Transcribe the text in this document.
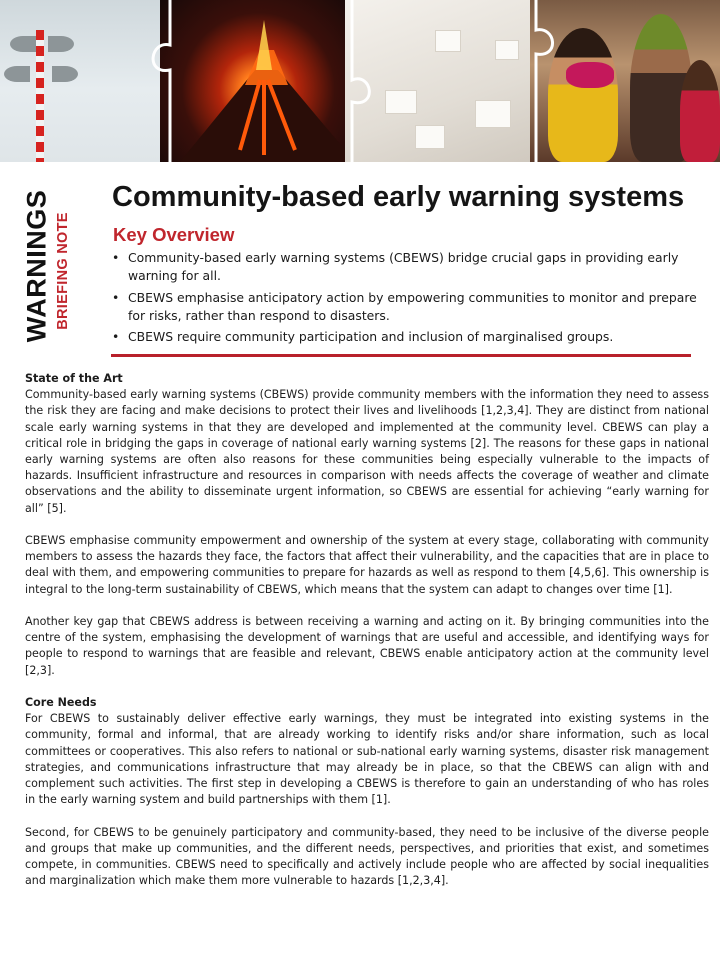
WARNINGS BRIEFING NOTE
Community-based early warning systems
Key Overview
• Community-based early warning systems (CBEWS) bridge crucial gaps in providing early warning for all.
• CBEWS emphasise anticipatory action by empowering communities to monitor and prepare for risks, rather than respond to disasters.
• CBEWS require community participation and inclusion of marginalised groups.
State of the Art

Community-based early warning systems (CBEWS) provide community members with the information they need to assess the risk they are facing and make decisions to protect their lives and livelihoods [1,2,3,4]. They are distinct from national scale early warning systems in that they are developed and implemented at the community level. CBEWS can play a critical role in bridging the gaps in coverage of national early warning systems [2]. The reasons for these gaps in national early warning systems are often also reasons for these communities being especially vulnerable to the impacts of hazards. Insufficient infrastructure and resources in comparison with needs affects the coverage of weather and climate observations and the ability to disseminate urgent information, so CBEWS are essential for achieving “early warning for all” [5].

CBEWS emphasise community empowerment and ownership of the system at every stage, collaborating with community members to assess the hazards they face, the factors that affect their vulnerability, and the capacities that are in place to deal with them, and empowering communities to prepare for hazards as well as respond to them [4,5,6]. This ownership is integral to the long-term sustainability of CBEWS, which means that the system can adapt to changes over time [1].

Another key gap that CBEWS address is between receiving a warning and acting on it. By bringing communities into the centre of the system, emphasising the development of warnings that are useful and accessible, and identifying ways for people to respond to warnings that are feasible and relevant, CBEWS enable anticipatory action at the community level [2,3].

Core Needs

For CBEWS to sustainably deliver effective early warnings, they must be integrated into existing systems in the community, formal and informal, that are already working to identify risks and/or share information, such as local committees or cooperatives. This also refers to national or sub-national early warning systems, disaster risk management strategies, and communications infrastructure that may already be in place, so that the CBEWS can align with and complement such activities. The first step in developing a CBEWS is therefore to gain an understanding of who has roles in the early warning system and build partnerships with them [1].

Second, for CBEWS to be genuinely participatory and community-based, they need to be inclusive of the diverse people and groups that make up communities, and the different needs, perspectives, and priorities that exist, and sometimes compete, in communities. CBEWS need to specifically and actively include people who are affected by social inequalities and marginalization which make them more vulnerable to hazards [1,2,3,4].
